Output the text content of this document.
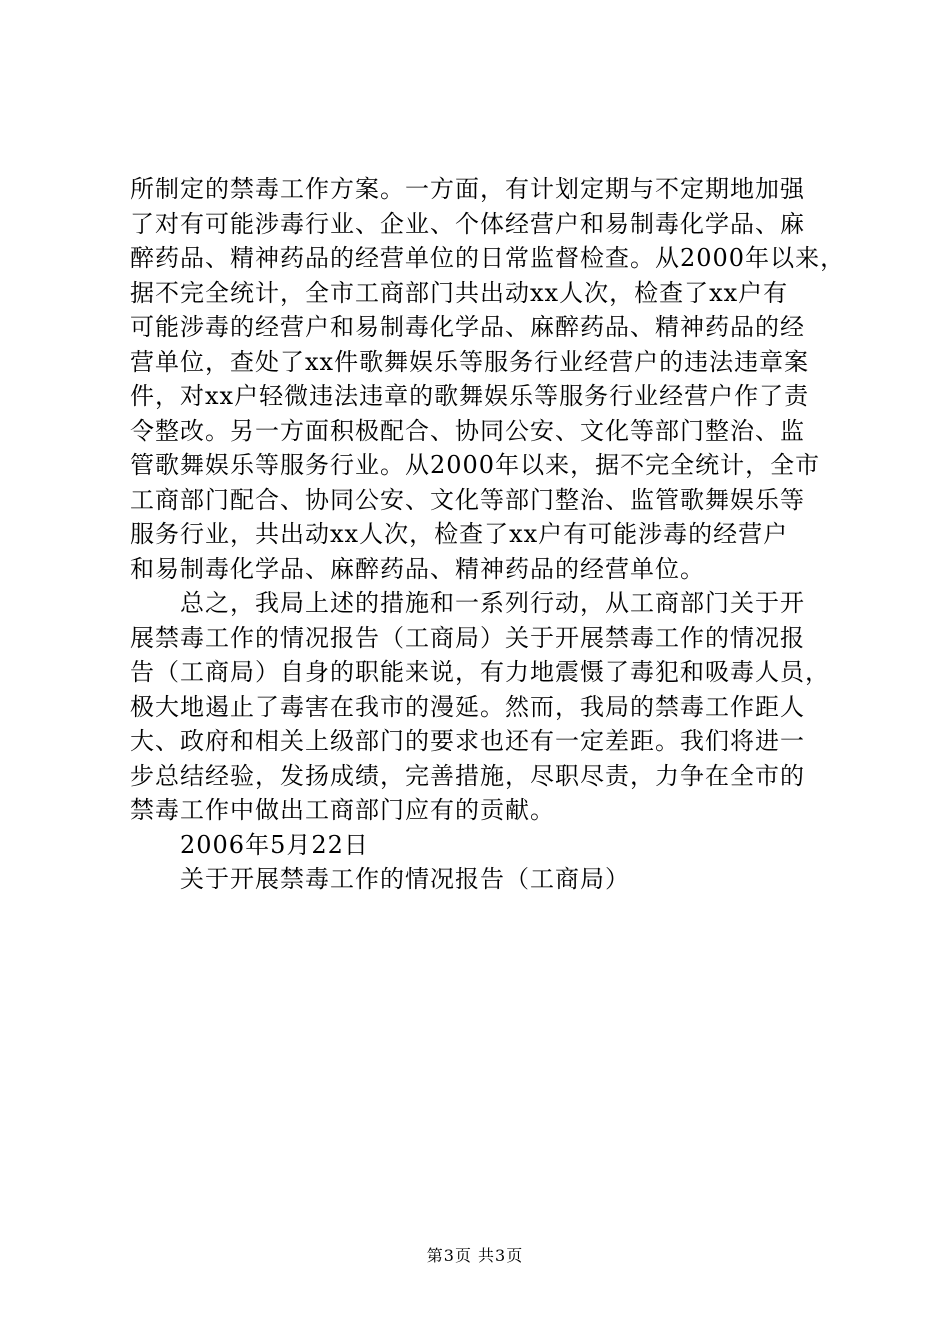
所制定的禁毒工作方案。一方面，有计划定期与不定期地加强
了对有可能涉毒行业、企业、个体经营户和易制毒化学品、麻
醉药品、精神药品的经营单位的日常监督检查。从2000年以来，
据不完全统计，全市工商部门共出动xx人次，检查了xx户有
可能涉毒的经营户和易制毒化学品、麻醉药品、精神药品的经
营单位，查处了xx件歌舞娱乐等服务行业经营户的违法违章案
件，对xx户轻微违法违章的歌舞娱乐等服务行业经营户作了责
令整改。另一方面积极配合、协同公安、文化等部门整治、监
管歌舞娱乐等服务行业。从2000年以来，据不完全统计，全市
工商部门配合、协同公安、文化等部门整治、监管歌舞娱乐等
服务行业，共出动xx人次，检查了xx户有可能涉毒的经营户
和易制毒化学品、麻醉药品、精神药品的经营单位。
　　总之，我局上述的措施和一系列行动，从工商部门关于开
展禁毒工作的情况报告（工商局）关于开展禁毒工作的情况报
告（工商局）自身的职能来说，有力地震慑了毒犯和吸毒人员，
极大地遏止了毒害在我市的漫延。然而，我局的禁毒工作距人
大、政府和相关上级部门的要求也还有一定差距。我们将进一
步总结经验，发扬成绩，完善措施，尽职尽责，力争在全市的
禁毒工作中做出工商部门应有的贡献。
　　2006年5月22日
　　关于开展禁毒工作的情况报告（工商局）
第3页 共3页
